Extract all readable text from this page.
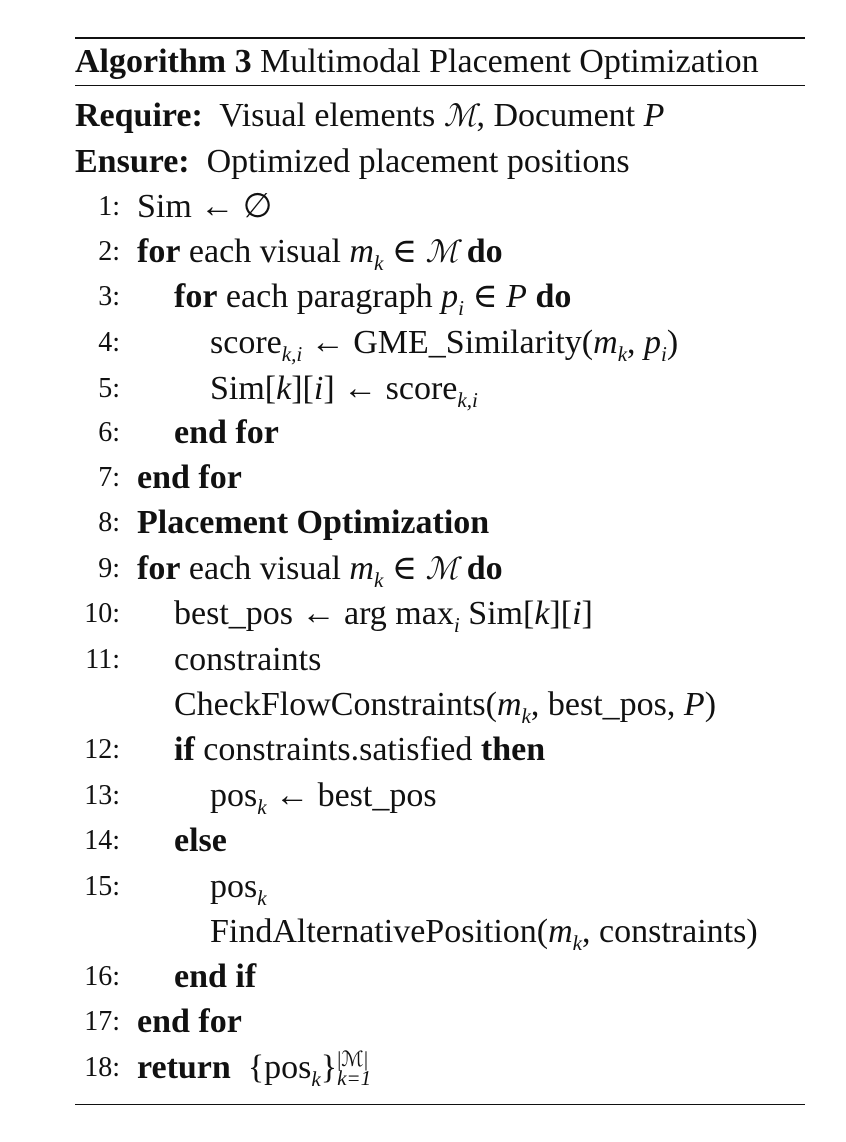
Algorithm 3 Multimodal Placement Optimization
Require: Visual elements ℳ, Document P
Ensure: Optimized placement positions
1: Sim ← ∅
2: for each visual $m_k$ ∈ ℳ do
3: for each paragraph $p_i$ ∈ P do
4:	score$_{k,i}$ ← $GME\_Similarity(m_k$, $p_i$)
5:	Sim[k][i] ← score$_{k,i}$
6: end for
7: end for
8: Placement Optimization
9: for each visual $m_k$ ∈ ℳ do
10: best_pos ← arg $\max_i Sim[k][i]$
11: constraints
$CheckFlowConstraints(m_k$, best_pos, P)
12: if constraints.satisfied then
13:	pos$_k$ ← best_pos
14: else
15:	pos$_k$
$FindAlternativePosition(m_k$, constraints)
16: end if
17: end for
18: return {pos$_k$} |ℳ|
k=1
